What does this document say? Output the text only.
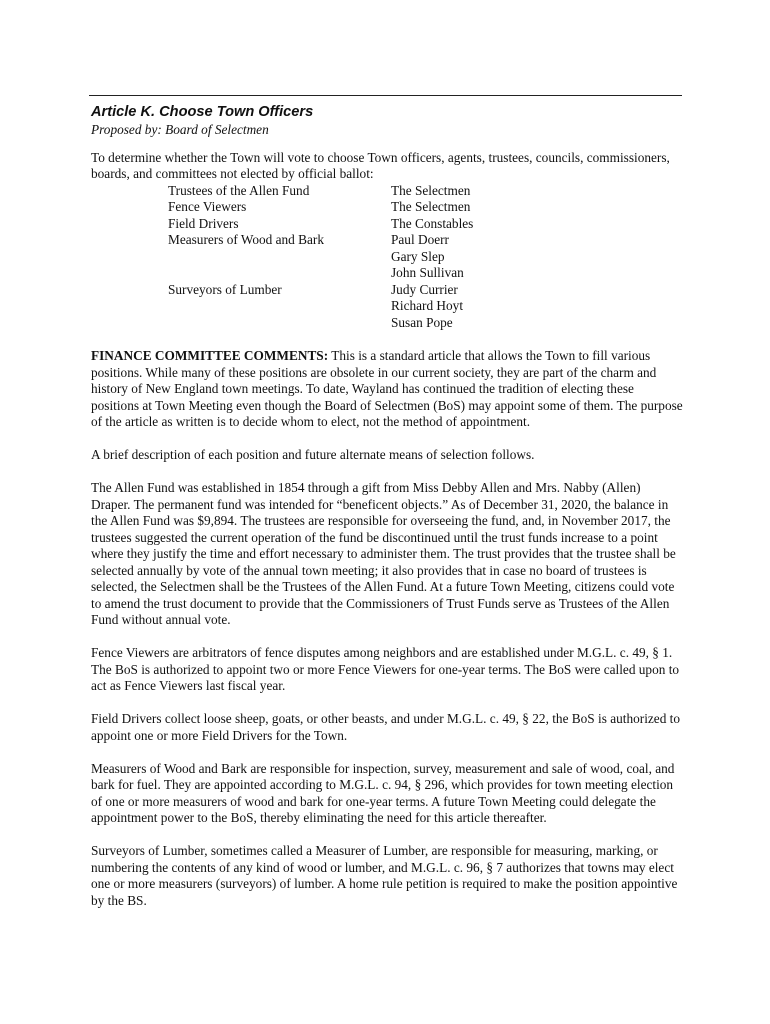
Article K. Choose Town Officers
Proposed by: Board of Selectmen

To determine whether the Town will vote to choose Town officers, agents, trustees, councils, commissioners, boards, and committees not elected by official ballot:

Trustees of the Allen Fund	The Selectmen
Fence Viewers	The Selectmen
Field Drivers	The Constables
Measurers of Wood and Bark	Paul Doerr
Gary Slep
John Sullivan
Surveyors of Lumber	Judy Currier
Richard Hoyt
Susan Pope

FINANCE COMMITTEE COMMENTS: This is a standard article that allows the Town to fill various positions. While many of these positions are obsolete in our current society, they are part of the charm and history of New England town meetings. To date, Wayland has continued the tradition of electing these positions at Town Meeting even though the Board of Selectmen (BoS) may appoint some of them. The purpose of the article as written is to decide whom to elect, not the method of appointment.

A brief description of each position and future alternate means of selection follows.

The Allen Fund was established in 1854 through a gift from Miss Debby Allen and Mrs. Nabby (Allen) Draper. The permanent fund was intended for “beneficent objects.” As of December 31, 2020, the balance in the Allen Fund was $9,894. The trustees are responsible for overseeing the fund, and, in November 2017, the trustees suggested the current operation of the fund be discontinued until the trust funds increase to a point where they justify the time and effort necessary to administer them. The trust provides that the trustee shall be selected annually by vote of the annual town meeting; it also provides that in case no board of trustees is selected, the Selectmen shall be the Trustees of the Allen Fund. At a future Town Meeting, citizens could vote to amend the trust document to provide that the Commissioners of Trust Funds serve as Trustees of the Allen Fund without annual vote.

Fence Viewers are arbitrators of fence disputes among neighbors and are established under M.G.L. c. 49, § 1. The BoS is authorized to appoint two or more Fence Viewers for one-year terms. The BoS were called upon to act as Fence Viewers last fiscal year.

Field Drivers collect loose sheep, goats, or other beasts, and under M.G.L. c. 49, § 22, the BoS is authorized to appoint one or more Field Drivers for the Town.

Measurers of Wood and Bark are responsible for inspection, survey, measurement and sale of wood, coal, and bark for fuel. They are appointed according to M.G.L. c. 94, § 296, which provides for town meeting election of one or more measurers of wood and bark for one-year terms. A future Town Meeting could delegate the appointment power to the BoS, thereby eliminating the need for this article thereafter.

Surveyors of Lumber, sometimes called a Measurer of Lumber, are responsible for measuring, marking, or numbering the contents of any kind of wood or lumber, and M.G.L. c. 96, § 7 authorizes that towns may elect one or more measurers (surveyors) of lumber. A home rule petition is required to make the position appointive by the BS.
